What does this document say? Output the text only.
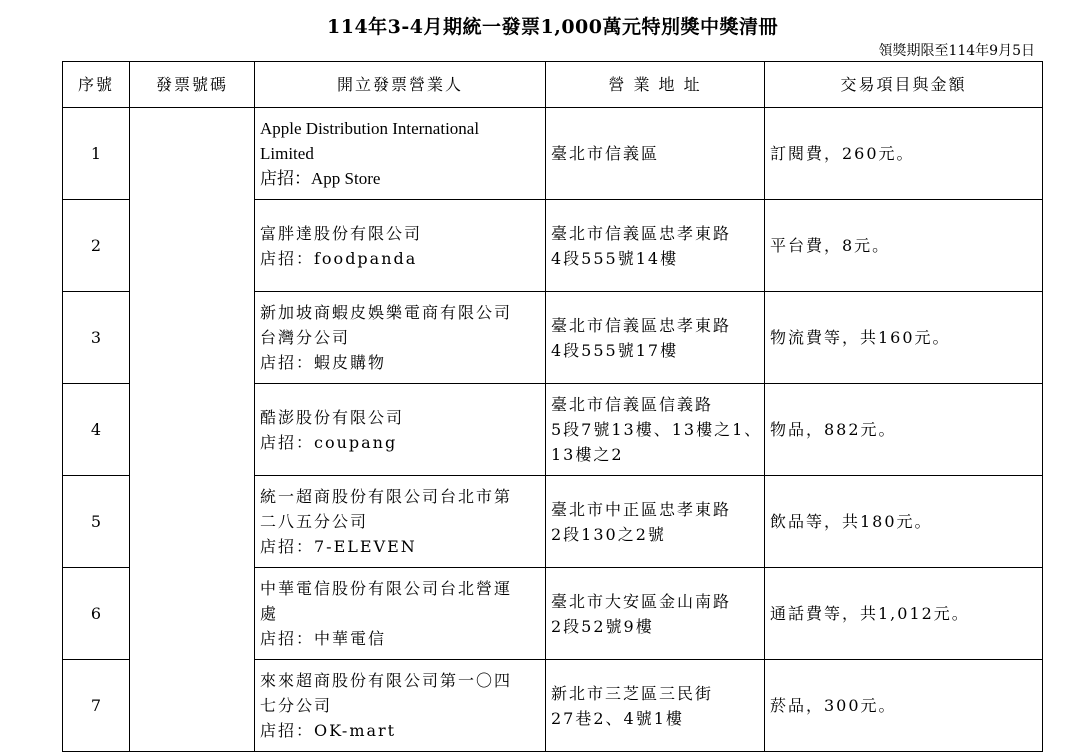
114年3-4月期統一發票1,000萬元特別獎中獎清冊
領獎期限至114年9月5日
序號	發票號碼	開立發票營業人	營 業 地 址	交易項目與金額
1		Apple Distribution International
Limited
店招：App Store	臺北市信義區	訂閱費，260元。
2		富胖達股份有限公司
店招：foodpanda	臺北市信義區忠孝東路
4段555號14樓	平台費，8元。
3		新加坡商蝦皮娛樂電商有限公司
台灣分公司
店招：蝦皮購物	臺北市信義區忠孝東路
4段555號17樓	物流費等，共160元。
4		酷澎股份有限公司
店招：coupang	臺北市信義區信義路
5段7號13樓、13樓之1、
13樓之2	物品，882元。
5		統一超商股份有限公司台北市第
二八五分公司
店招：7-ELEVEN	臺北市中正區忠孝東路
2段130之2號	飲品等，共180元。
6		中華電信股份有限公司台北營運
處
店招：中華電信	臺北市大安區金山南路
2段52號9樓	通話費等，共1,012元。
7		來來超商股份有限公司第一〇四
七分公司
店招：OK-mart	新北市三芝區三民街
27巷2、4號1樓	菸品，300元。
